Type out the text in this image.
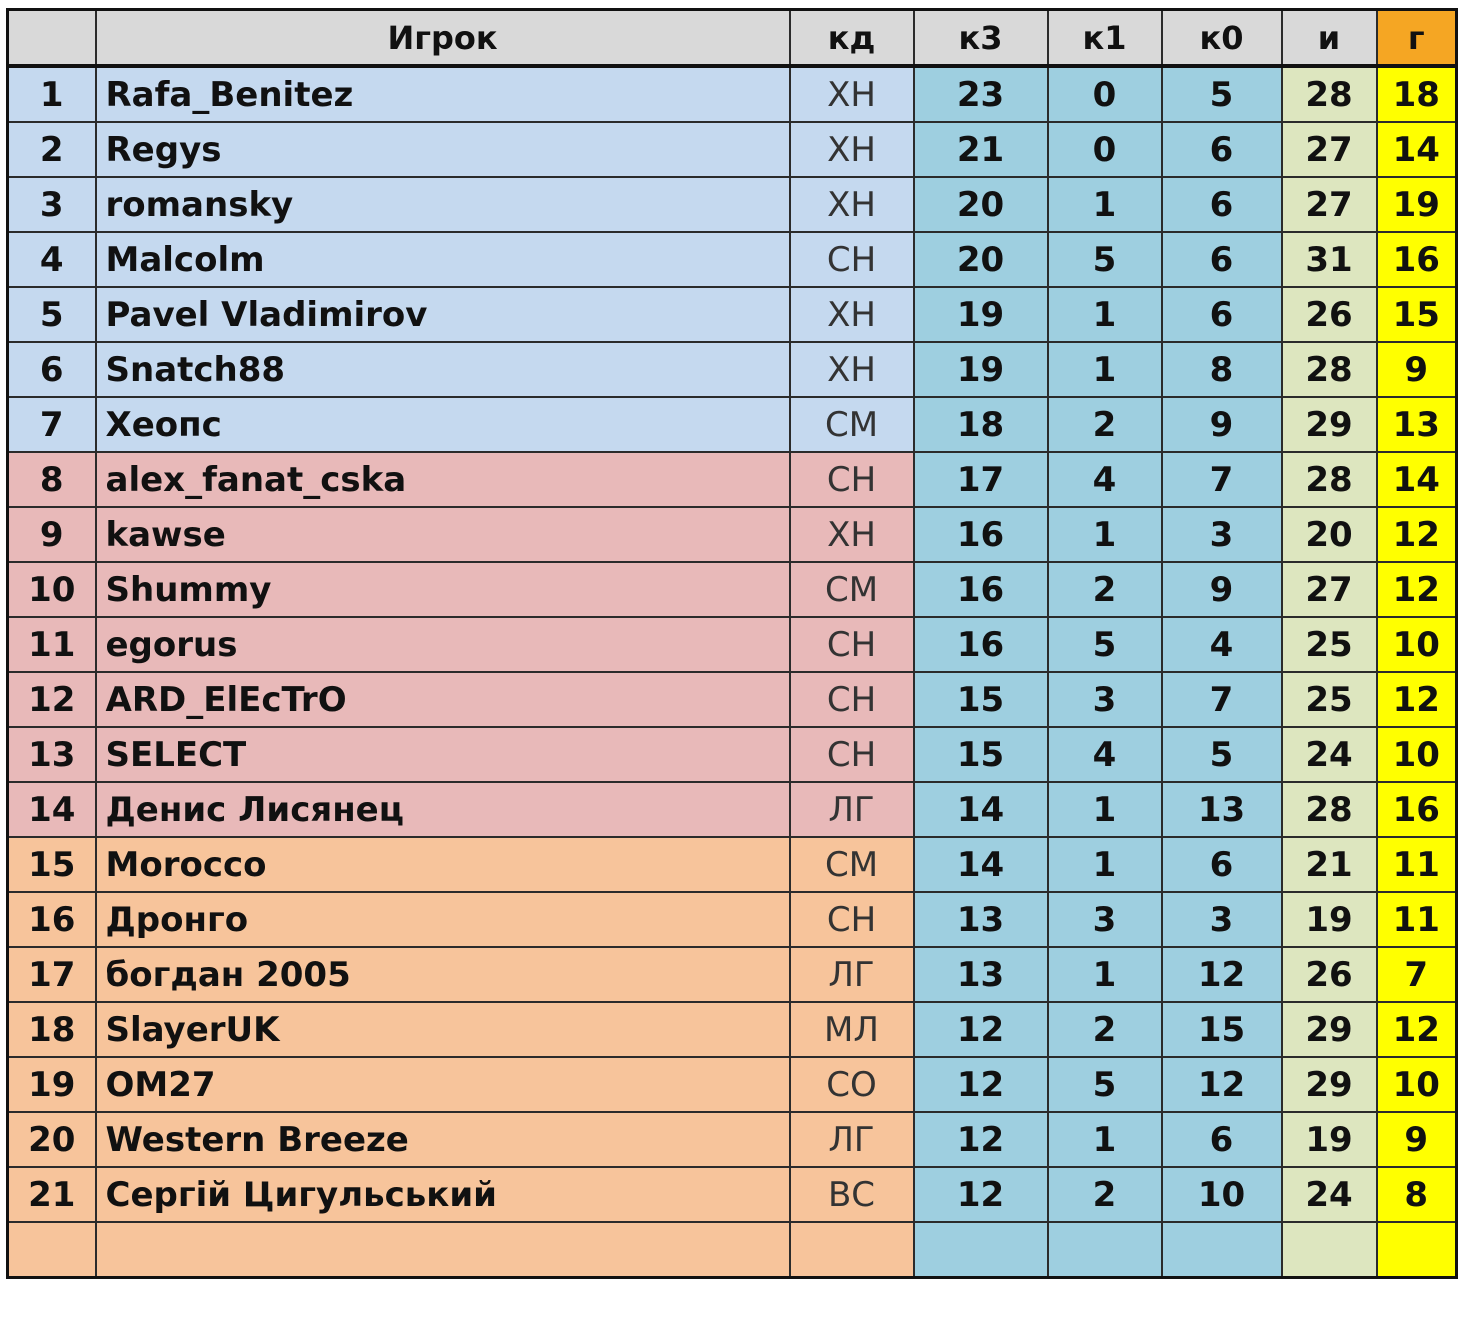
	Игрок	кд	к3	к1	к0	и	г
1	Rafa_Benitez	ХН	23	0	5	28	18
2	Regys	ХН	21	0	6	27	14
3	romansky	ХН	20	1	6	27	19
4	Malcolm	СН	20	5	6	31	16
5	Pavel Vladimirov	ХН	19	1	6	26	15
6	Snatch88	ХН	19	1	8	28	9
7	Хеопс	СМ	18	2	9	29	13
8	alex_fanat_cska	СН	17	4	7	28	14
9	kawse	ХН	16	1	3	20	12
10	Shummy	СМ	16	2	9	27	12
11	egorus	СН	16	5	4	25	10
12	ARD_ElEcTrO	СН	15	3	7	25	12
13	SELECT	СН	15	4	5	24	10
14	Денис Лисянец	ЛГ	14	1	13	28	16
15	Morocco	СМ	14	1	6	21	11
16	Дронго	СН	13	3	3	19	11
17	богдан 2005	ЛГ	13	1	12	26	7
18	SlayerUK	МЛ	12	2	15	29	12
19	OM27	СО	12	5	12	29	10
20	Western Breeze	ЛГ	12	1	6	19	9
21	Сергій Цигульський	ВС	12	2	10	24	8
